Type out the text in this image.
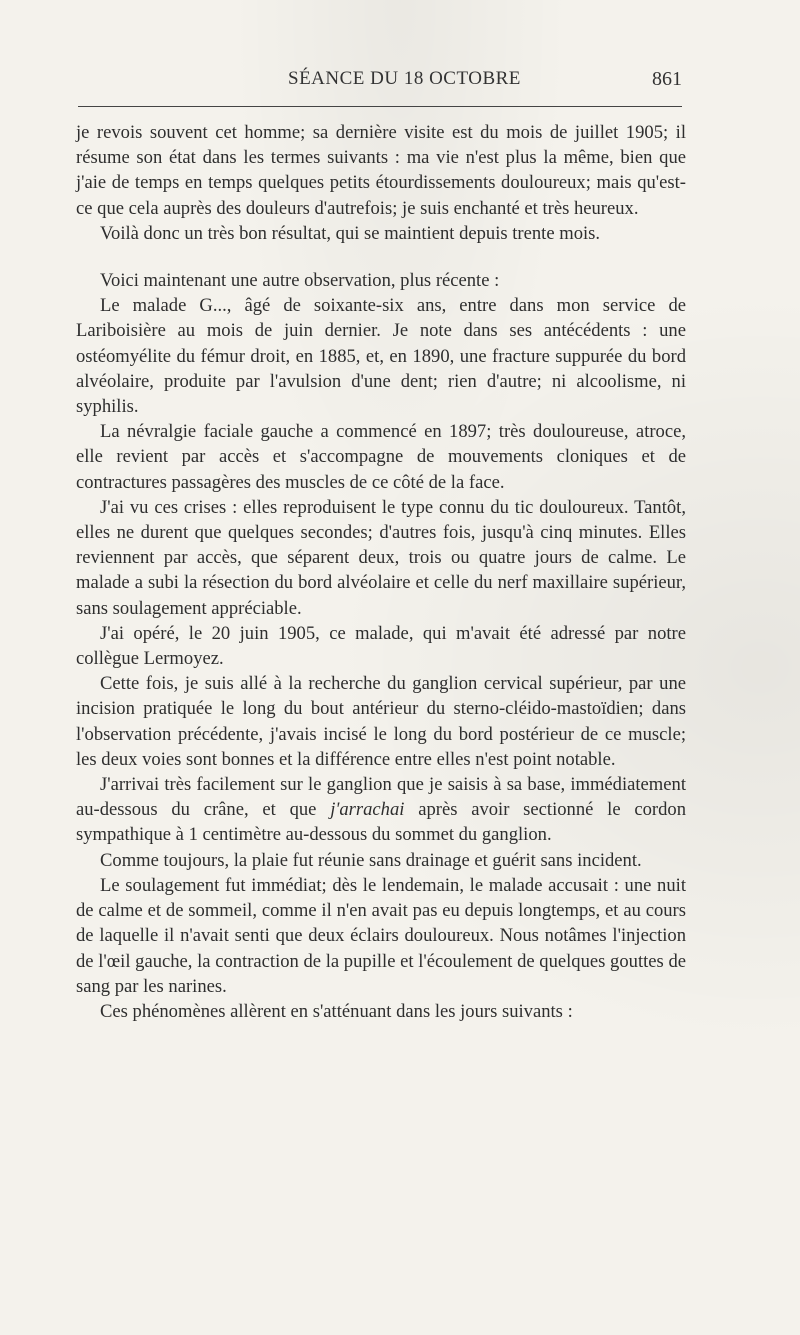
SÉANCE DU 18 OCTOBRE	861

je revois souvent cet homme; sa dernière visite est du mois de juillet 1905; il résume son état dans les termes suivants : ma vie n'est plus la même, bien que j'aie de temps en temps quelques petits étourdissements douloureux; mais qu'est-ce que cela auprès des douleurs d'autrefois; je suis enchanté et très heureux.

Voilà donc un très bon résultat, qui se maintient depuis trente mois.

Voici maintenant une autre observation, plus récente :

Le malade G..., âgé de soixante-six ans, entre dans mon service de Lariboisière au mois de juin dernier. Je note dans ses antécédents : une ostéomyélite du fémur droit, en 1885, et, en 1890, une fracture suppurée du bord alvéolaire, produite par l'avulsion d'une dent; rien d'autre; ni alcoolisme, ni syphilis.

La névralgie faciale gauche a commencé en 1897; très douloureuse, atroce, elle revient par accès et s'accompagne de mouvements cloniques et de contractures passagères des muscles de ce côté de la face.

J'ai vu ces crises : elles reproduisent le type connu du tic douloureux. Tantôt, elles ne durent que quelques secondes; d'autres fois, jusqu'à cinq minutes. Elles reviennent par accès, que séparent deux, trois ou quatre jours de calme. Le malade a subi la résection du bord alvéolaire et celle du nerf maxillaire supérieur, sans soulagement appréciable.

J'ai opéré, le 20 juin 1905, ce malade, qui m'avait été adressé par notre collègue Lermoyez.

Cette fois, je suis allé à la recherche du ganglion cervical supérieur, par une incision pratiquée le long du bout antérieur du sterno-cléido-mastoïdien; dans l'observation précédente, j'avais incisé le long du bord postérieur de ce muscle; les deux voies sont bonnes et la différence entre elles n'est point notable.

J'arrivai très facilement sur le ganglion que je saisis à sa base, immédiatement au-dessous du crâne, et que j'arrachai après avoir sectionné le cordon sympathique à 1 centimètre au-dessous du sommet du ganglion.

Comme toujours, la plaie fut réunie sans drainage et guérit sans incident.

Le soulagement fut immédiat; dès le lendemain, le malade accusait : une nuit de calme et de sommeil, comme il n'en avait pas eu depuis longtemps, et au cours de laquelle il n'avait senti que deux éclairs douloureux. Nous notâmes l'injection de l'œil gauche, la contraction de la pupille et l'écoulement de quelques gouttes de sang par les narines.

Ces phénomènes allèrent en s'atténuant dans les jours suivants :
